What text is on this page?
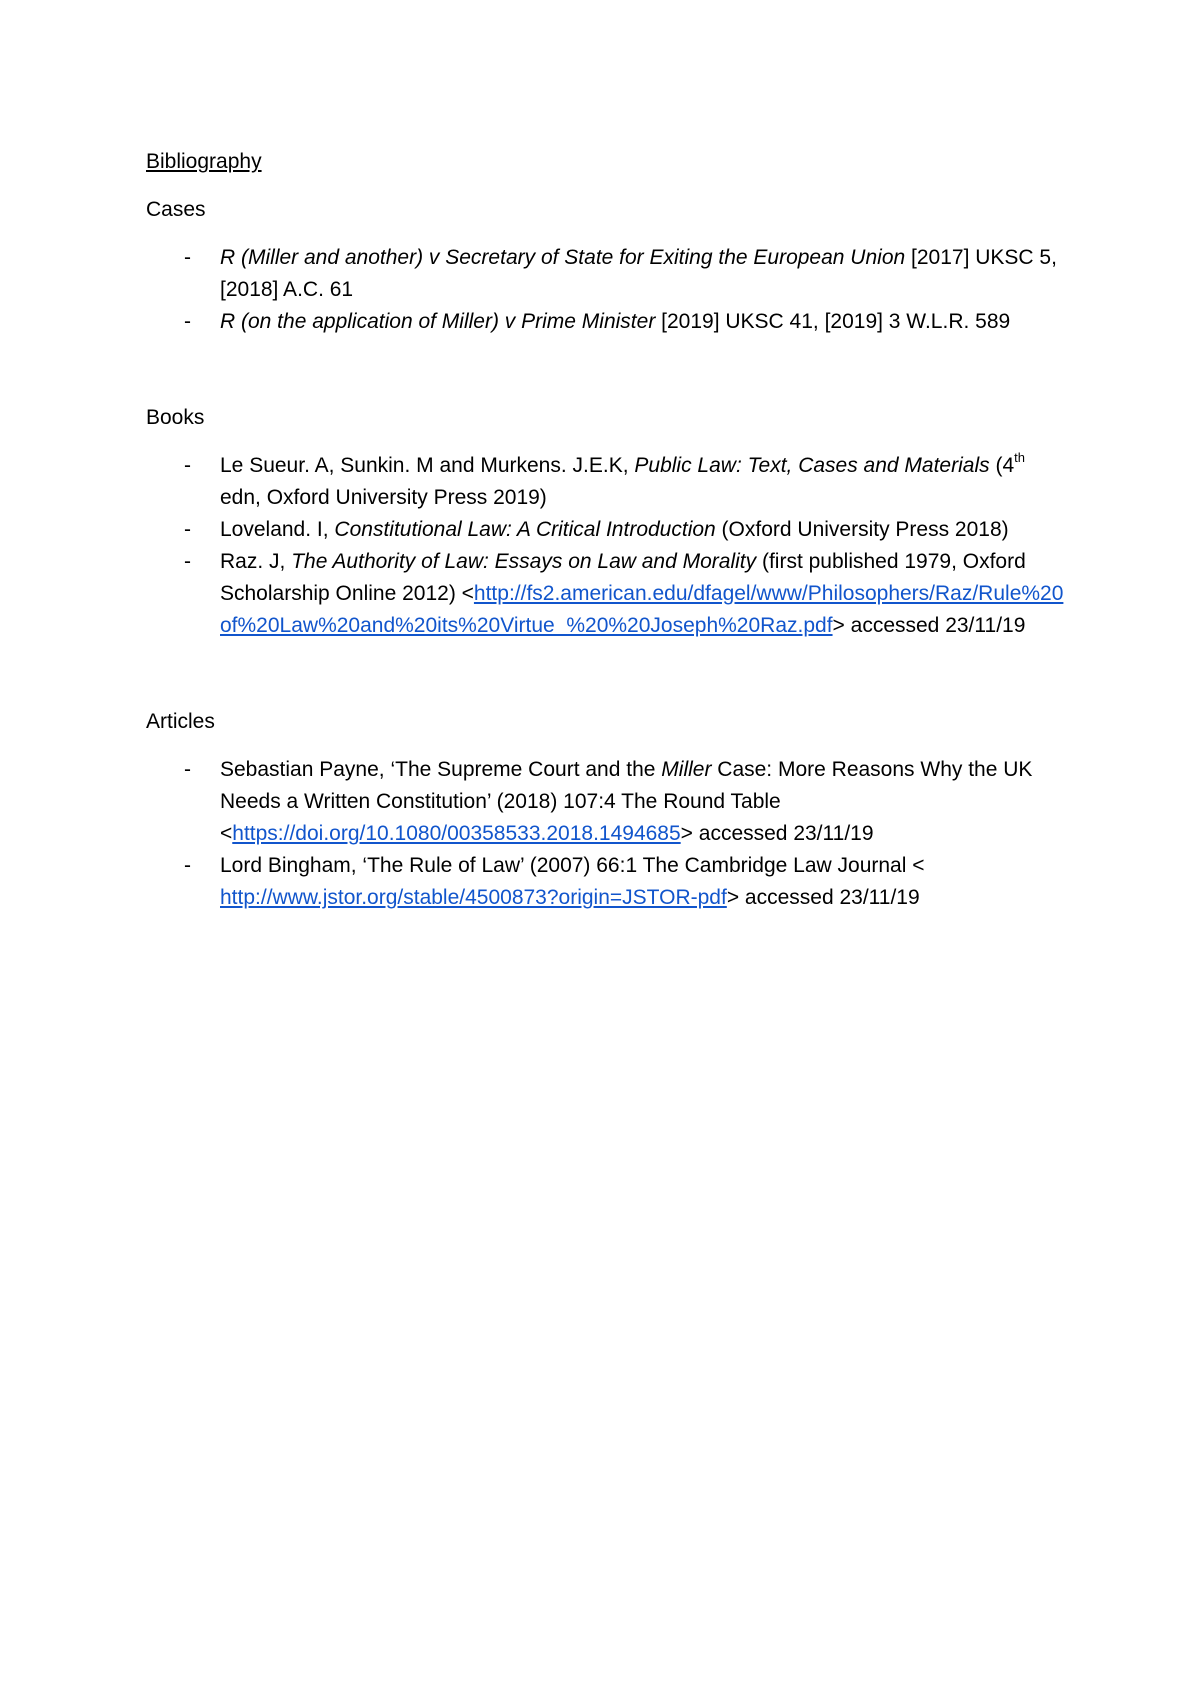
Bibliography

Cases

- R (Miller and another) v Secretary of State for Exiting the European Union [2017] UKSC 5, [2018] A.C. 61
- R (on the application of Miller) v Prime Minister [2019] UKSC 41, [2019] 3 W.L.R. 589

Books

- Le Sueur. A, Sunkin. M and Murkens. J.E.K, Public Law: Text, Cases and Materials (4th edn, Oxford University Press 2019)
- Loveland. I, Constitutional Law: A Critical Introduction (Oxford University Press 2018)
- Raz. J, The Authority of Law: Essays on Law and Morality (first published 1979, Oxford Scholarship Online 2012) <http://fs2.american.edu/dfagel/www/Philosophers/Raz/Rule%20of%20Law%20and%20its%20Virtue_%20%20Joseph%20Raz.pdf> accessed 23/11/19

Articles

- Sebastian Payne, ‘The Supreme Court and the Miller Case: More Reasons Why the UK Needs a Written Constitution’ (2018) 107:4 The Round Table <https://doi.org/10.1080/00358533.2018.1494685> accessed 23/11/19
- Lord Bingham, ‘The Rule of Law’ (2007) 66:1 The Cambridge Law Journal < http://www.jstor.org/stable/4500873?origin=JSTOR-pdf> accessed 23/11/19
